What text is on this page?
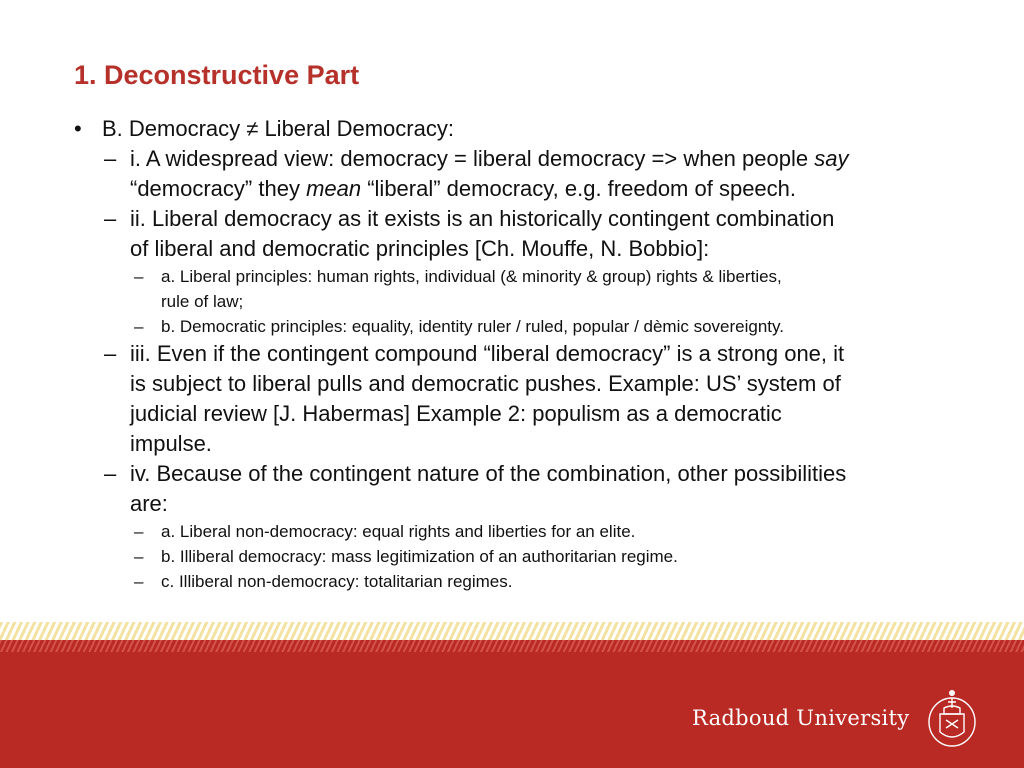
1. Deconstructive Part
• B. Democracy ≠ Liberal Democracy:
– i. A widespread view: democracy = liberal democracy => when people say
“democracy” they mean “liberal” democracy, e.g. freedom of speech.
– ii. Liberal democracy as it exists is an historically contingent combination
of liberal and democratic principles [Ch. Mouffe, N. Bobbio]:
– a. Liberal principles: human rights, individual (& minority & group) rights & liberties,
rule of law;
– b. Democratic principles: equality, identity ruler / ruled, popular / dèmic sovereignty.
– iii. Even if the contingent compound “liberal democracy” is a strong one, it
is subject to liberal pulls and democratic pushes. Example: US’ system of
judicial review [J. Habermas] Example 2: populism as a democratic
impulse.
– iv. Because of the contingent nature of the combination, other possibilities
are:
– a. Liberal non-democracy: equal rights and liberties for an elite.
– b. Illiberal democracy: mass legitimization of an authoritarian regime.
– c. Illiberal non-democracy: totalitarian regimes.
Radboud University
